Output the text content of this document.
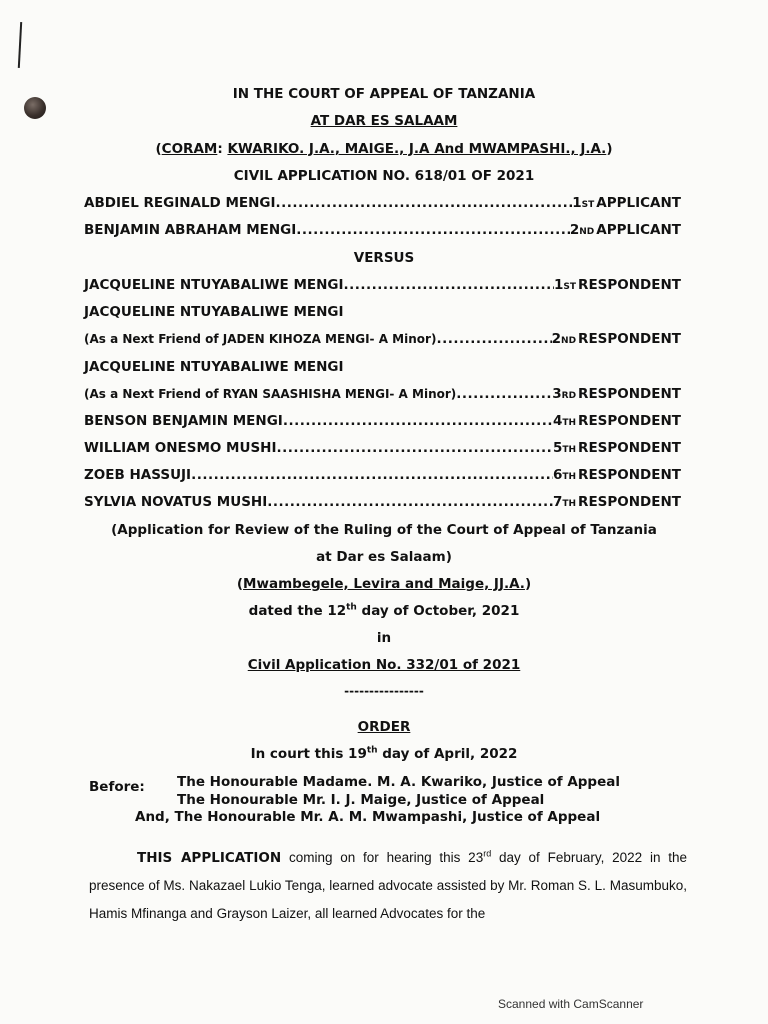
IN THE COURT OF APPEAL OF TANZANIA
AT DAR ES SALAAM
(CORAM: KWARIKO. J.A., MAIGE., J.A And MWAMPASHI., J.A.)
CIVIL APPLICATION NO. 618/01 OF 2021
ABDIEL REGINALD MENGI .....	1 ST APPLICANT
BENJAMIN ABRAHAM MENGI .....	2 ND APPLICANT
VERSUS
JACQUELINE NTUYABALIWE MENGI .....	1 ST RESPONDENT
JACQUELINE NTUYABALIWE MENGI
(As a Next Friend of JADEN KIHOZA MENGI- A Minor) .....	2 ND RESPONDENT
JACQUELINE NTUYABALIWE MENGI
(As a Next Friend of RYAN SAASHISHA MENGI- A Minor) .....	3 RD RESPONDENT
BENSON BENJAMIN MENGI .....	4 TH RESPONDENT
WILLIAM ONESMO MUSHI .....	5 TH RESPONDENT
ZOEB HASSUJI .....	6 TH RESPONDENT
SYLVIA NOVATUS MUSHI .....	7 TH RESPONDENT
(Application for Review of the Ruling of the Court of Appeal of Tanzania
at Dar es Salaam)
(Mwambegele, Levira and Maige, JJ.A.)
dated the 12th day of October, 2021
in
Civil Application No. 332/01 of 2021
----------------
ORDER
In court this 19th day of April, 2022
Before: The Honourable Madame. M. A. Kwariko, Justice of Appeal
The Honourable Mr. I. J. Maige, Justice of Appeal
And, The Honourable Mr. A. M. Mwampashi, Justice of Appeal
THIS APPLICATION coming on for hearing this 23rd day of February, 2022 in the presence of Ms. Nakazael Lukio Tenga, learned advocate assisted by Mr. Roman S. L. Masumbuko, Hamis Mfinanga and Grayson Laizer, all learned Advocates for the
Scanned with CamScanner
